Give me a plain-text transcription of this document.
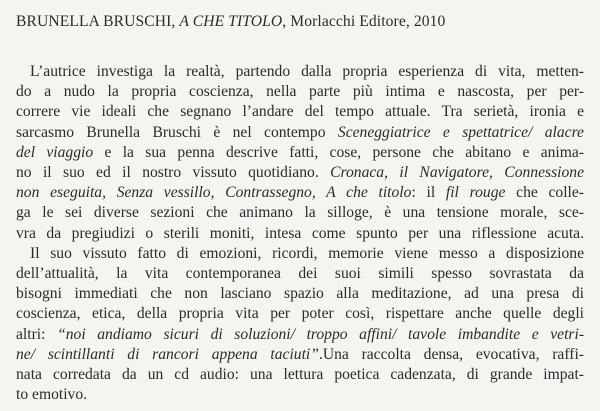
BRUNELLA BRUSCHI, A CHE TITOLO, Morlacchi Editore, 2010
L’autrice investiga la realtà, partendo dalla propria esperienza di vita, metten-
do a nudo la propria coscienza, nella parte più intima e nascosta, per per-
correre vie ideali che segnano l’andare del tempo attuale. Tra serietà, ironia e
sarcasmo Brunella Bruschi è nel contempo Sceneggiatrice e spettatrice/ alacre
del viaggio e la sua penna descrive fatti, cose, persone che abitano e anima-
no il suo ed il nostro vissuto quotidiano. Cronaca, il Navigatore, Connessione
non eseguita, Senza vessillo, Contrassegno, A che titolo: il fil rouge che colle-
ga le sei diverse sezioni che animano la silloge, è una tensione morale, sce-
vra da pregiudizi o sterili moniti, intesa come spunto per una riflessione acuta.
Il suo vissuto fatto di emozioni, ricordi, memorie viene messo a disposizione
dell’attualità, la vita contemporanea dei suoi simili spesso sovrastata da
bisogni immediati che non lasciano spazio alla meditazione, ad una presa di
coscienza, etica, della propria vita per poter così, rispettare anche quelle degli
altri: “noi andiamo sicuri di soluzioni/ troppo affini/ tavole imbandite e vetri-
ne/ scintillanti di rancori appena taciuti”.Una raccolta densa, evocativa, raffi-
nata corredata da un cd audio: una lettura poetica cadenzata, di grande impat-
to emotivo.
